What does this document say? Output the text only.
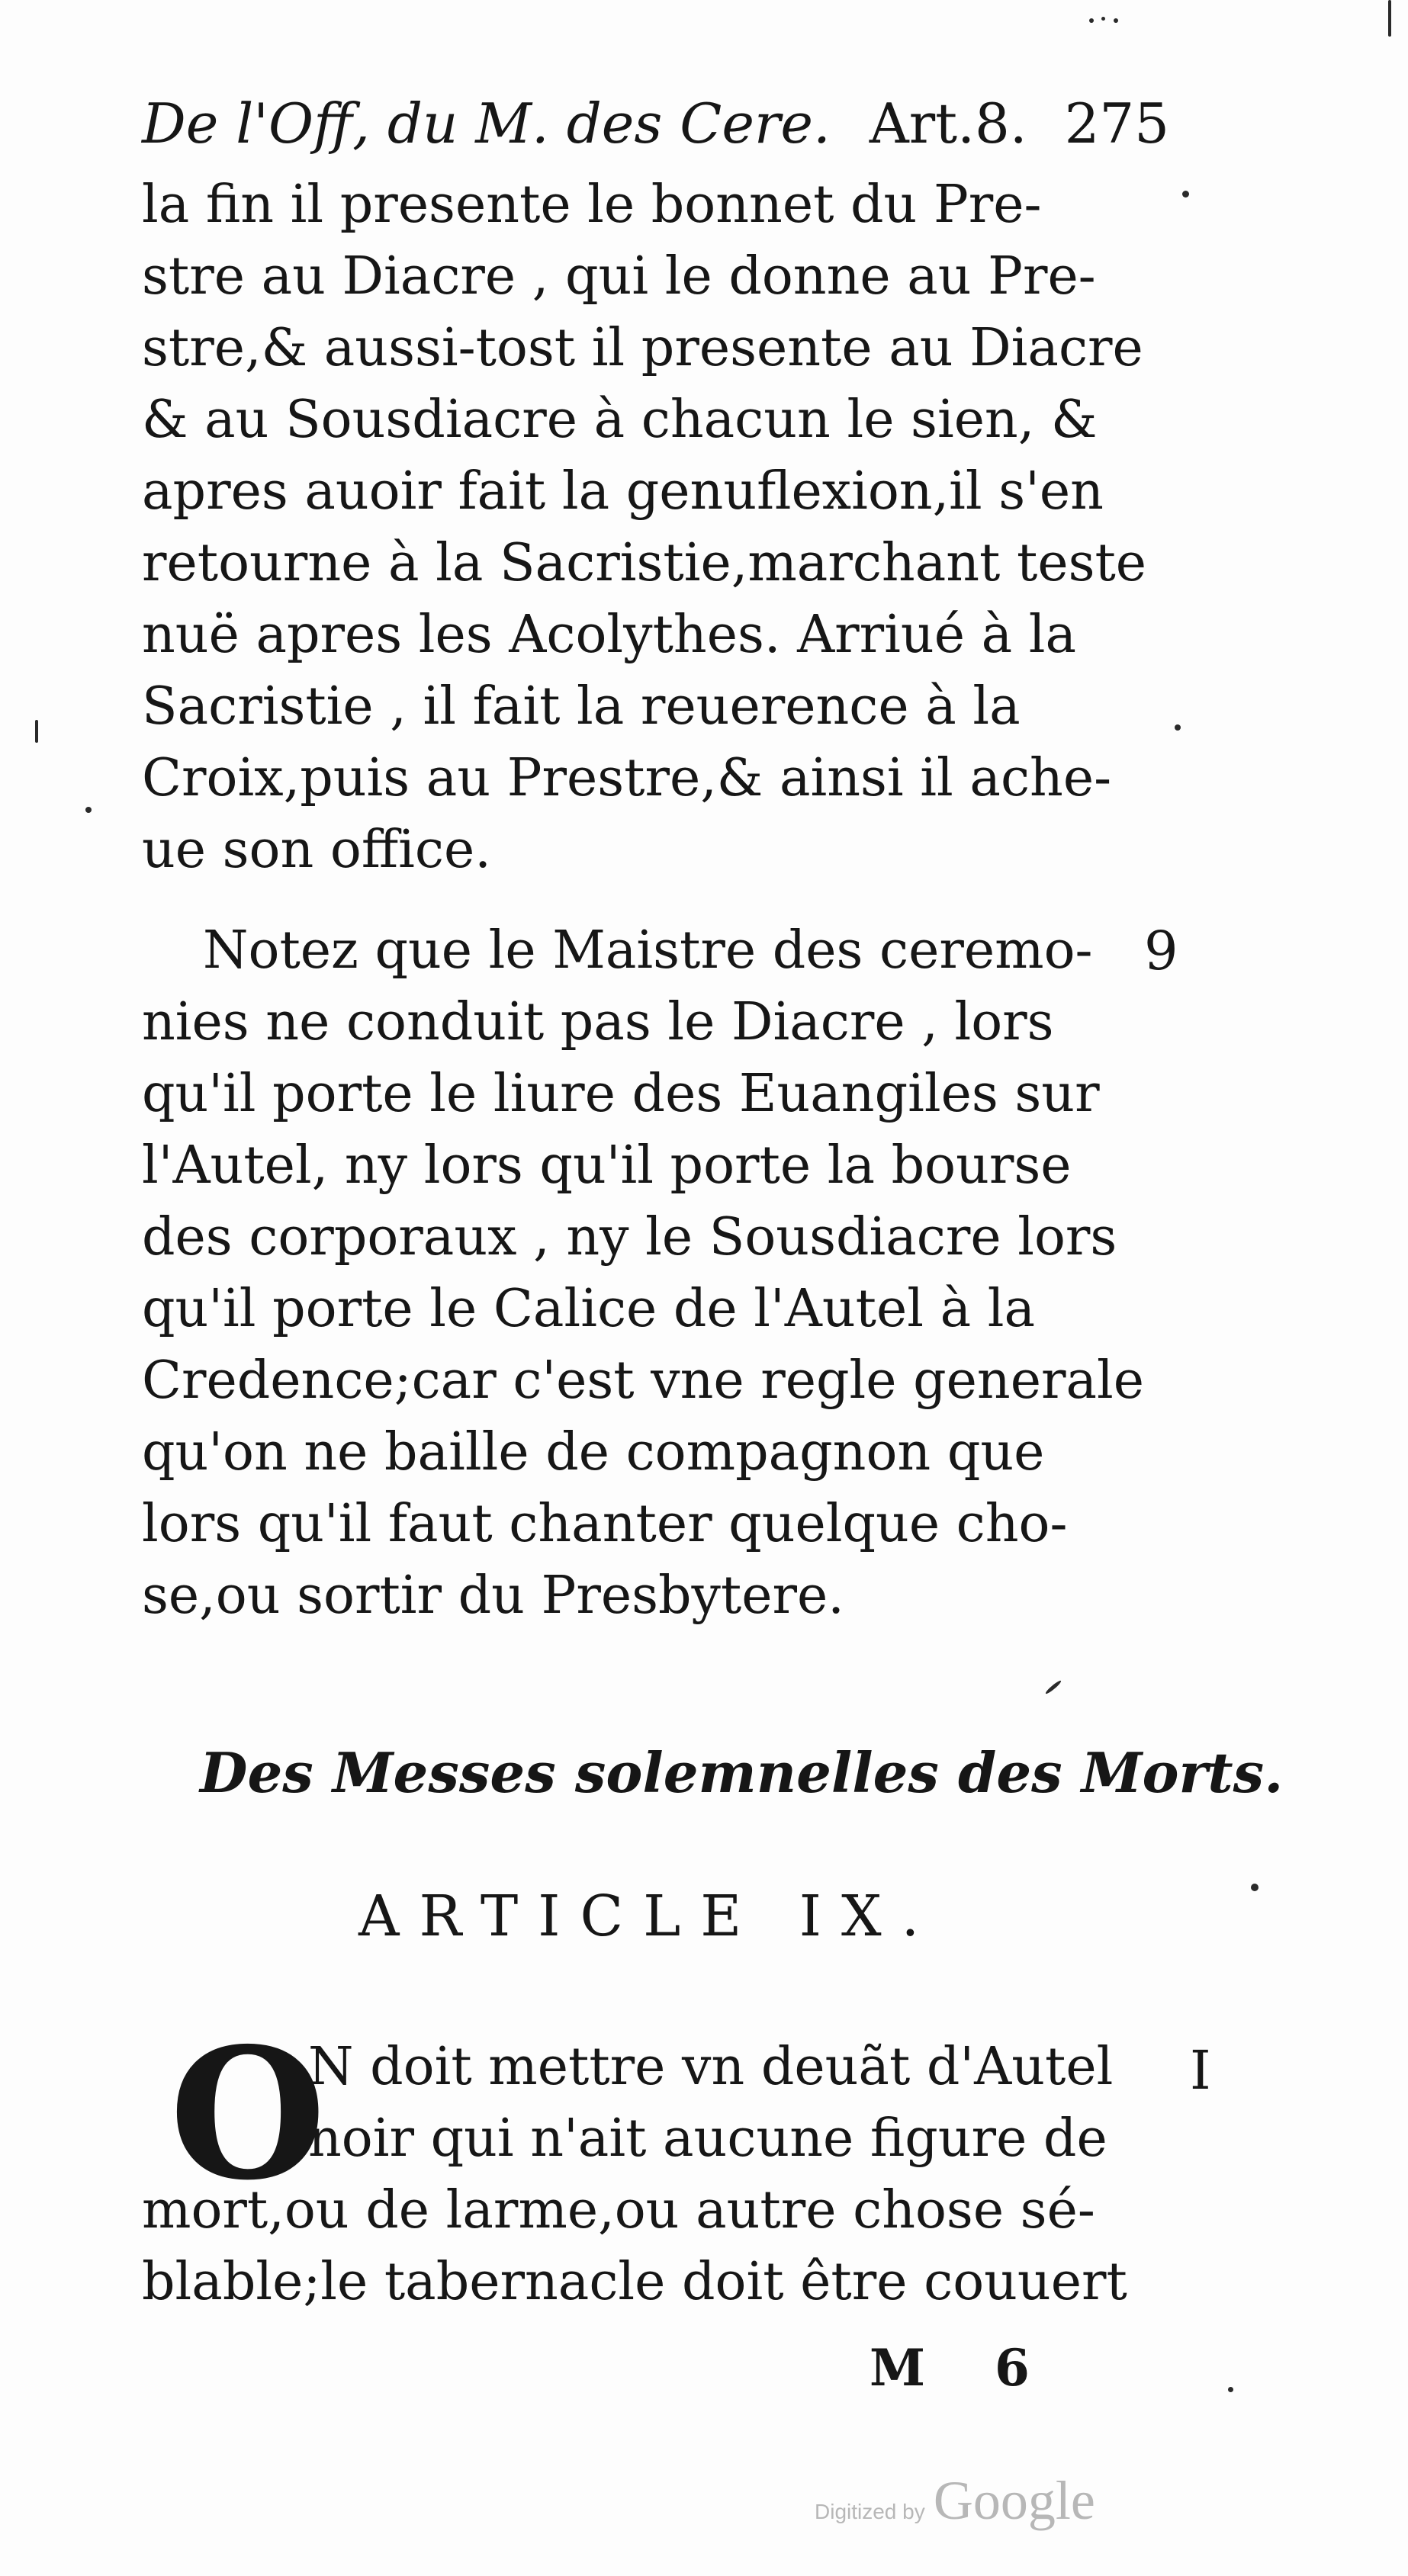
De l'Off, du M. des Cere. Art.8. 275
la fin il presente le bonnet du Pre-
stre au Diacre , qui le donne au Pre-
stre,& aussi-tost il presente au Diacre
& au Sousdiacre à chacun le sien, &
apres auoir fait la genuflexion,il s'en
retourne à la Sacristie,marchant teste
nuë apres les Acolythes. Arriué à la
Sacristie , il fait la reuerence à la
Croix,puis au Prestre,& ainsi il ache-
ue son office.
Notez que le Maistre des ceremo-
nies ne conduit pas le Diacre , lors
qu'il porte le liure des Euangiles sur
l'Autel, ny lors qu'il porte la bourse
des corporaux , ny le Sousdiacre lors
qu'il porte le Calice de l'Autel à la
Credence;car c'est vne regle generale
qu'on ne baille de compagnon que
lors qu'il faut chanter quelque cho-
se,ou sortir du Presbytere.
9
Des Messes solemnelles des Morts.
ARTICLE IX.
O
N doit mettre vn deuãt d'Autel
noir qui n'ait aucune figure de
mort,ou de larme,ou autre chose sé-
blable;le tabernacle doit être couuert
I
M 6
Digitized by Google
